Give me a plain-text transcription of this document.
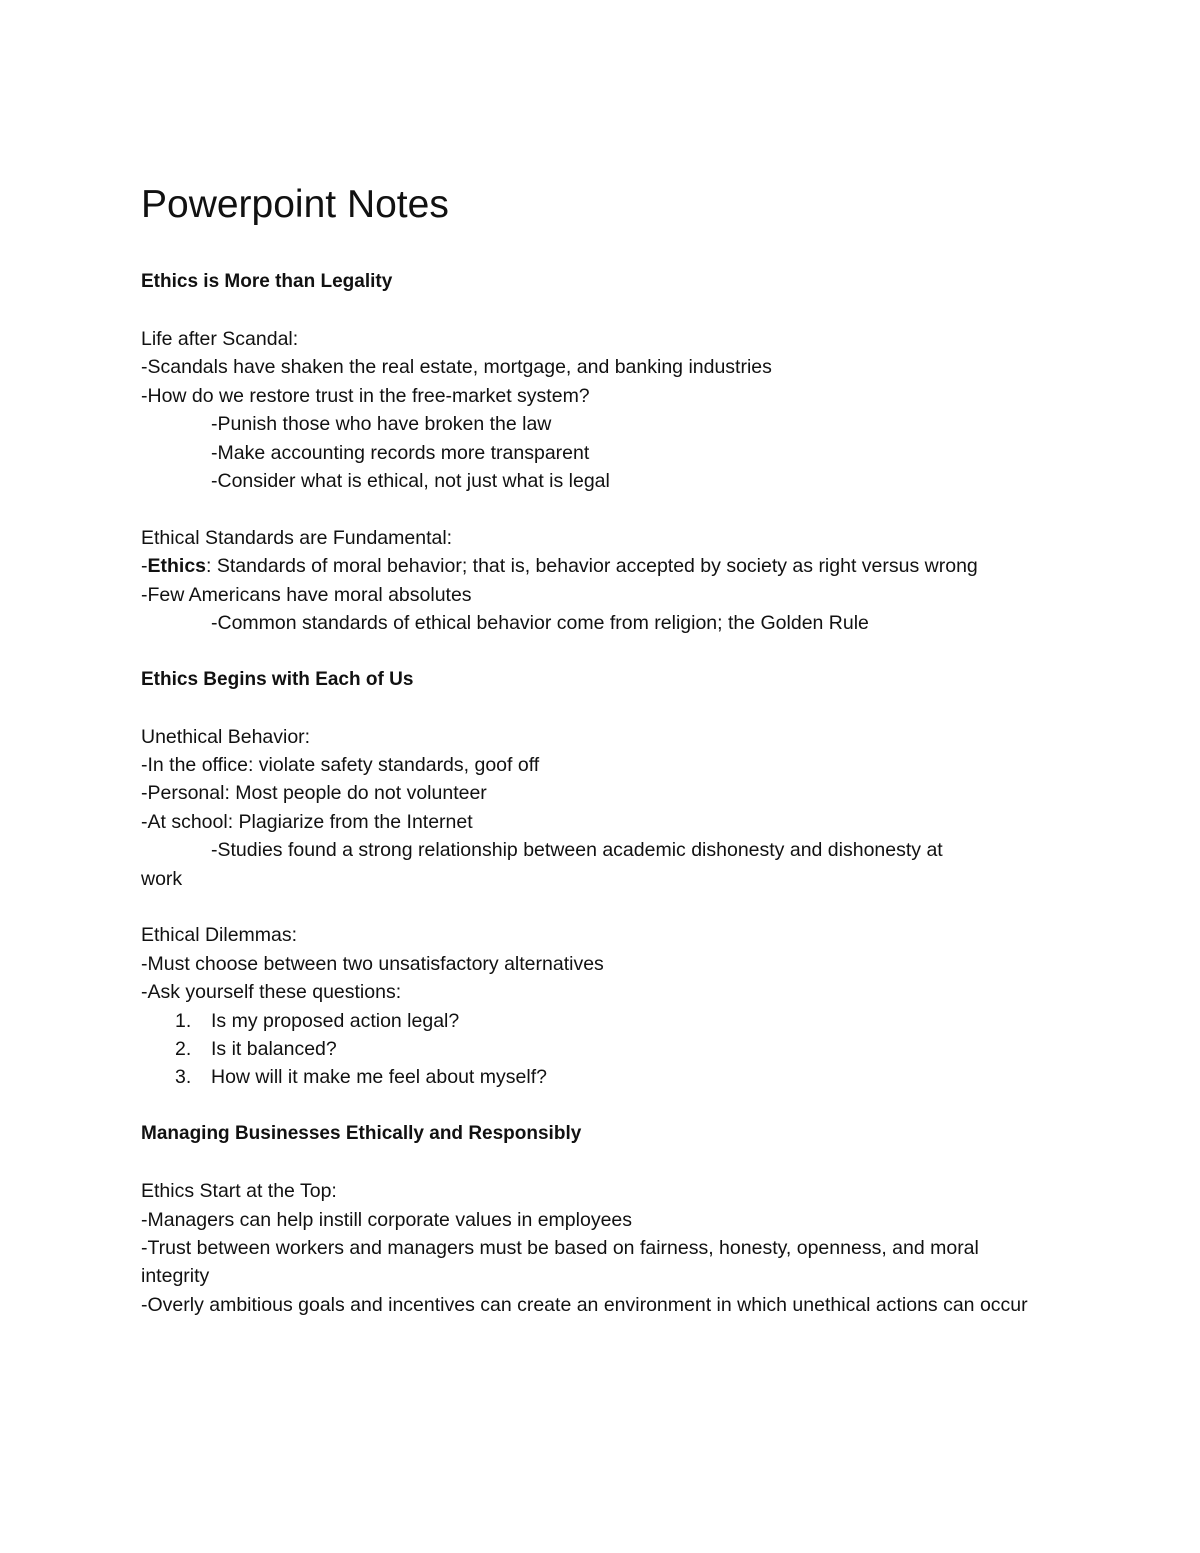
Powerpoint Notes

Ethics is More than Legality

Life after Scandal:

-Scandals have shaken the real estate, mortgage, and banking industries

-How do we restore trust in the free-market system?

-Punish those who have broken the law

-Make accounting records more transparent

-Consider what is ethical, not just what is legal

Ethical Standards are Fundamental:

-Ethics: Standards of moral behavior; that is, behavior accepted by society as right versus wrong

-Few Americans have moral absolutes

-Common standards of ethical behavior come from religion; the Golden Rule

Ethics Begins with Each of Us

Unethical Behavior:

-In the office: violate safety standards, goof off

-Personal: Most people do not volunteer

-At school: Plagiarize from the Internet

-Studies found a strong relationship between academic dishonesty and dishonesty at

work

Ethical Dilemmas:

-Must choose between two unsatisfactory alternatives

-Ask yourself these questions:

1.	Is my proposed action legal?
2.	Is it balanced?
3.	How will it make me feel about myself?

Managing Businesses Ethically and Responsibly

Ethics Start at the Top:

-Managers can help instill corporate values in employees

-Trust between workers and managers must be based on fairness, honesty, openness, and moral integrity

-Overly ambitious goals and incentives can create an environment in which unethical actions can occur
